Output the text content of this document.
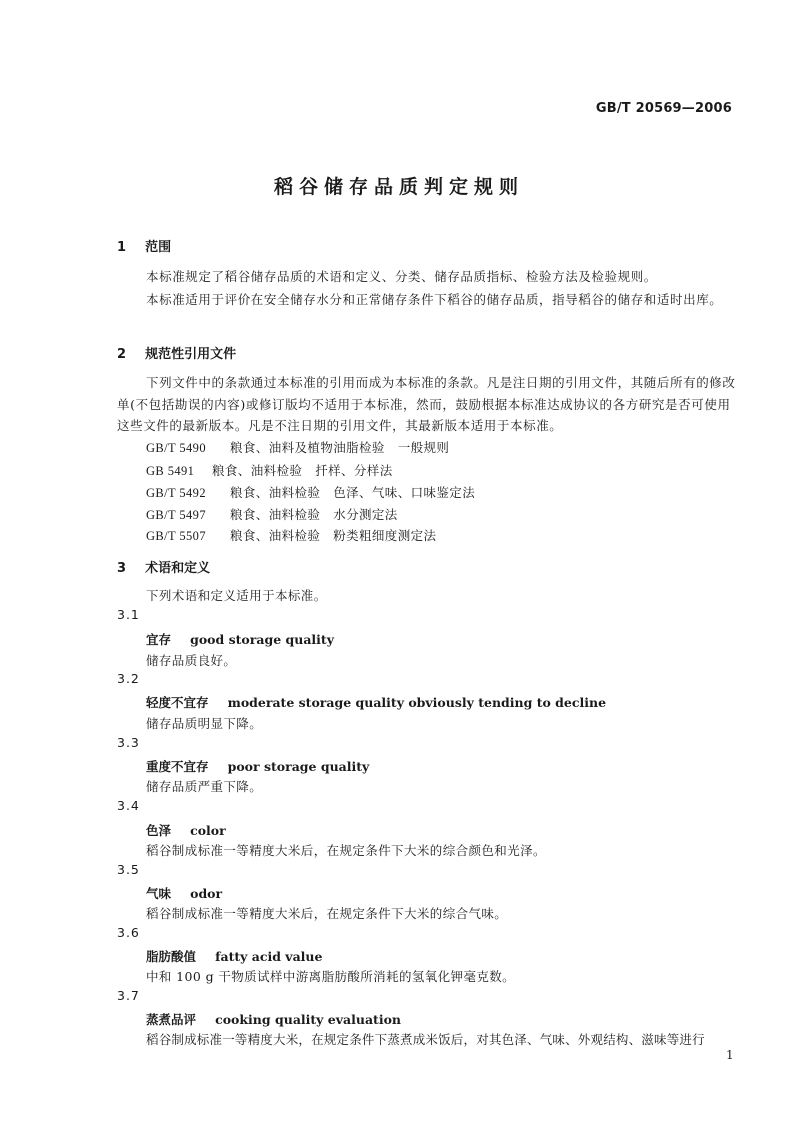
GB/T 20569—2006
稻谷储存品质判定规则
1 范围
本标准规定了稻谷储存品质的术语和定义、分类、储存品质指标、检验方法及检验规则。
本标准适用于评价在安全储存水分和正常储存条件下稻谷的储存品质，指导稻谷的储存和适时出库。
2 规范性引用文件
下列文件中的条款通过本标准的引用而成为本标准的条款。凡是注日期的引用文件，其随后所有的修改单(不包括勘误的内容)或修订版均不适用于本标准，然而，鼓励根据本标准达成协议的各方研究是否可使用这些文件的最新版本。凡是不注日期的引用文件，其最新版本适用于本标准。
GB/T 5490 粮食、油料及植物油脂检验　一般规则
GB 5491 粮食、油料检验　扦样、分样法
GB/T 5492 粮食、油料检验　色泽、气味、口味鉴定法
GB/T 5497 粮食、油料检验　水分测定法
GB/T 5507 粮食、油料检验　粉类粗细度测定法
3 术语和定义
下列术语和定义适用于本标准。
3.1
宜存 good storage quality
储存品质良好。
3.2
轻度不宜存 moderate storage quality obviously tending to decline
储存品质明显下降。
3.3
重度不宜存 poor storage quality
储存品质严重下降。
3.4
色泽 color
稻谷制成标准一等精度大米后，在规定条件下大米的综合颜色和光泽。
3.5
气味 odor
稻谷制成标准一等精度大米后，在规定条件下大米的综合气味。
3.6
脂肪酸值 fatty acid value
中和 100 g 干物质试样中游离脂肪酸所消耗的氢氧化钾毫克数。
3.7
蒸煮品评 cooking quality evaluation
稻谷制成标准一等精度大米，在规定条件下蒸煮成米饭后，对其色泽、气味、外观结构、滋味等进行
1
